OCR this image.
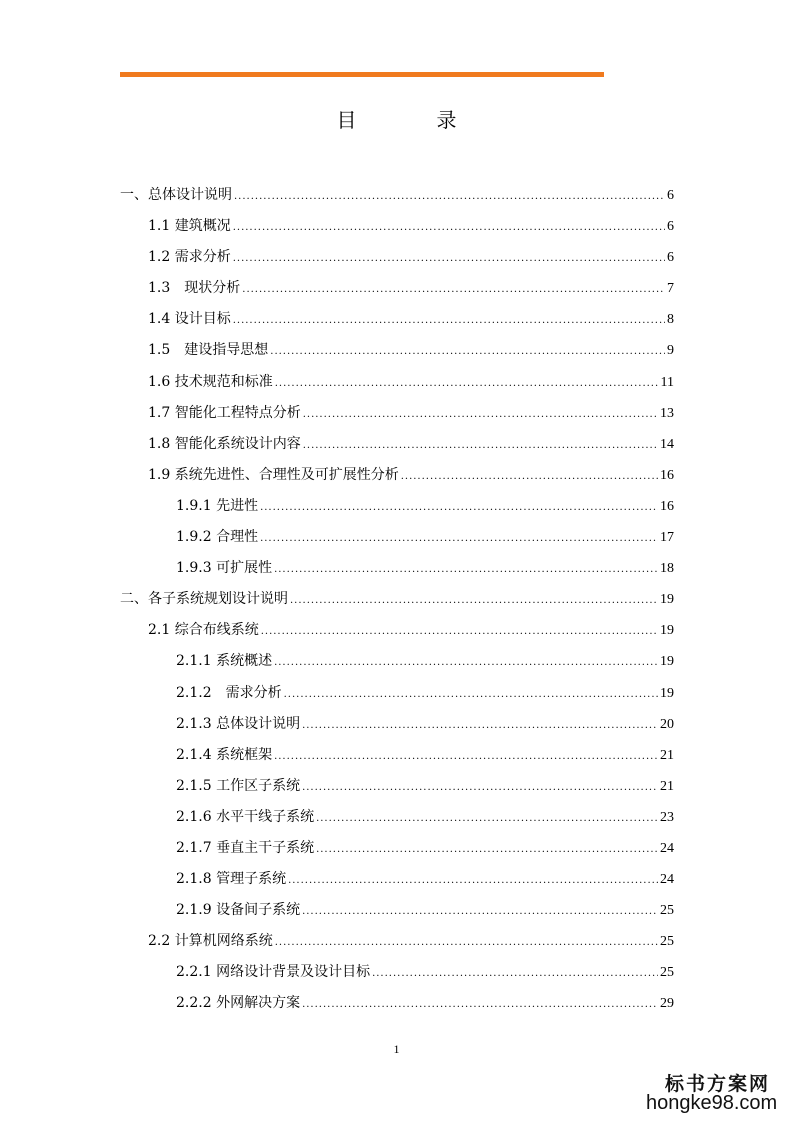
目　录
一、总体设计说明 .....	6
1.1 建筑概况 .....	6
1.2 需求分析 .....	6
1.3　现状分析 .....	7
1.4 设计目标 .....	8
1.5　建设指导思想 .....	9
1.6 技术规范和标准 .....	11
1.7 智能化工程特点分析 .....	13
1.8 智能化系统设计内容 .....	14
1.9 系统先进性、合理性及可扩展性分析 .....	16
1.9.1 先进性 .....	16
1.9.2 合理性 .....	17
1.9.3 可扩展性 .....	18
二、各子系统规划设计说明 .....	19
2.1 综合布线系统 .....	19
2.1.1 系统概述 .....	19
2.1.2　需求分析 .....	19
2.1.3 总体设计说明 .....	20
2.1.4 系统框架 .....	21
2.1.5 工作区子系统 .....	21
2.1.6 水平干线子系统 .....	23
2.1.7 垂直主干子系统 .....	24
2.1.8 管理子系统 .....	24
2.1.9 设备间子系统 .....	25
2.2 计算机网络系统 .....	25
2.2.1 网络设计背景及设计目标 .....	25
2.2.2 外网解决方案 .....	29
1
标书方案网
hongke98.com
